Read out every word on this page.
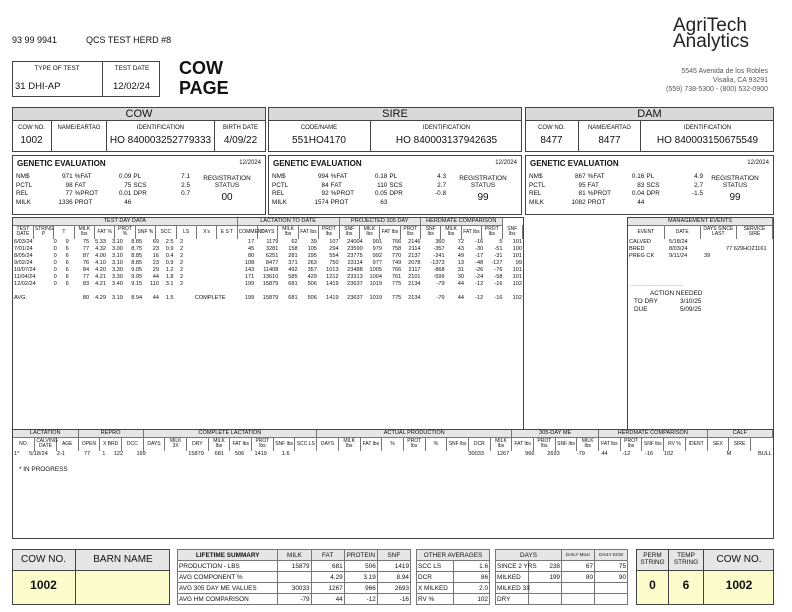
93 99 9941	QCS TEST HERD #8
TYPE OF TEST
31 DHI-AP
TEST DATE
12/02/24
COW
PAGE
AgriTech
Analytics
5545 Avenida de los Robles
Visalia, CA 93291
(559) 738-5300 - (800) 532-0900
COW
COW NO.
1002
NAME/EARTAG	IDENTIFICATION
HO 840003252779333
BIRTH DATE
4/09/22
SIRE
CODE/NAME
551HO4170
IDENTIFICATION
HO 840003137942635
DAM
COW NO.
8477
NAME/EARTAG
8477
IDENTIFICATION
HO 840003150675549
GENETIC EVALUATION	12/2024
NM$	971	%FAT	0.09	PL	7.1
PCTL	98	FAT	75	SCS	2.5
REL	77	%PROT	0.01	DPR	0.7
MILK	1336	PROT	46		
REGISTRATION
STATUS
00
GENETIC EVALUATION	12/2024
NM$	994	%FAT	0.18	PL	4.3
PCTL	84	FAT	110	SCS	2.7
REL	92	%PROT	0.05	DPR	-0.8
MILK	1574	PROT	63		
REGISTRATION
STATUS
99
GENETIC EVALUATION	12/2024
NM$	867	%FAT	0.16	PL	4.9
PCTL	95	FAT	83	SCS	2.7
REL	81	%PROT	0.04	DPR	-1.5
MILK	1082	PROT	44		
REGISTRATION
STATUS
99
TEST DAY DATA											LACTATION TO DATE					PROJECTED 305 DAY				HERDMATE COMPARISON				
TEST DATE	STRING P	T	MILK lbs	FAT %	PROT %	SNF %	SCC	LS	X's	E S T	COMMENT	DAYS	MILK lbs	FAT lbs	PROT lbs	SNF lbs	MILK lbs	FAT lbs	PROT lbs	SNF lbs	MILK lbs	FAT lbs	PROT lbs	SNF lbs
6/03/24	0	9	75	5.33	3.10	8.85	69	2.5	2			17	1179	62	39	107	24004	991	766	2146	360	72	-16	5	101
7/01/24	0	6	77	4.32	3.00	8.75	23	0.9	2			45	3281	158	105	294	23590	979	758	2114	-357	43	-30	-51	100
8/05/24	0	6	87	4.00	3.10	8.85	16	0.4	2			80	6251	281	195	554	23775	992	770	2137	-241	49	-17	-31	101
9/02/24	0	6	76	4.10	3.10	8.85	23	0.9	2			108	8477	371	263	750	23114	977	749	2078	-1373	13	-48	-127	99
10/07/24	0	6	84	4.20	3.30	9.05	29	1.2	2			143	11408	492	357	1013	23488	1005	766	2117	-868	31	-26	-76	101
11/04/24	0	6	77	4.21	3.30	9.05	44	1.8	2			171	13610	585	429	1212	23313	1004	761	2101	-599	30	-24	-58	101
12/02/24	0	6	83	4.21	3.40	9.15	110	3.1	2			199	15879	681	506	1419	23637	1019	775	2134	-79	44	-12	-16	102

AVG.			80	4.29	3.19	8.94	44	1.5			COMPLETE	199	15879	681	506	1419	23637	1019	775	2134	-79	44	-12	-16	102
MANAGEMENT EVENTS
EVENT	DATE	DAYS SINCE LAST	SERVICE SIRE
CALVED	5/18/24		
BRED	8/03/24		77 629HO21161
PREG CK	9/11/24	39	
----------------------------------------
ACTION NEEDED
TO DRY	3/10/25
DUE	5/09/25
LACTATION			REPRO			COMPLETE LACTATION								ACTUAL PRODUCTION									305-DAY ME				HERDMATE COMPARISON					CALF	
NO.	CALVING DATE	AGE	OPEN	X BRD	DCC	DAYS	MILK 3X	DRY	MILK lbs	FAT lbs	PROT lbs	SNF lbs	SCC LS	DAYS	MILK lbs	FAT lbs	%	PROT lbs	%	SNF lbs	DCR	MILK lbs	FAT lbs	PROT lbs	SNF lbs	MILK lbs	FAT lbs	PROT lbs	SNF lbs	RV %	IDENT	SEX	SIRE
1*	5/18/24	2-1	77	1	122	199			15879	681	506	1419	1.6									30033	1267	966	2693	-79	44	-12	-16	102		M	BULL
* IN PROGRESS
COW NO.	BARN NAME
1002
LIFETIME SUMMARY	MILK	FAT	PROTEIN	SNF
PRODUCTION - LBS	15879	681	506	1419
AVG COMPONENT %		4.29	3.19	8.94
AVG 305 DAY ME VALUES	30033	1267	966	2693
AVG HM COMPARISON	-79	44	-12	-16
OTHER AVERAGES	
SCC LS	1.6
DCR	86
X MILKED	2.0
RV %	102
DAYS		DAILY MILK	DAILY ECM
SINCE 2 YRS	238	67	75
MILKED	199	80	90
MILKED 3X			
DRY			
PERM STRING
TEMP STRING	COW NO.
0	6	1002
